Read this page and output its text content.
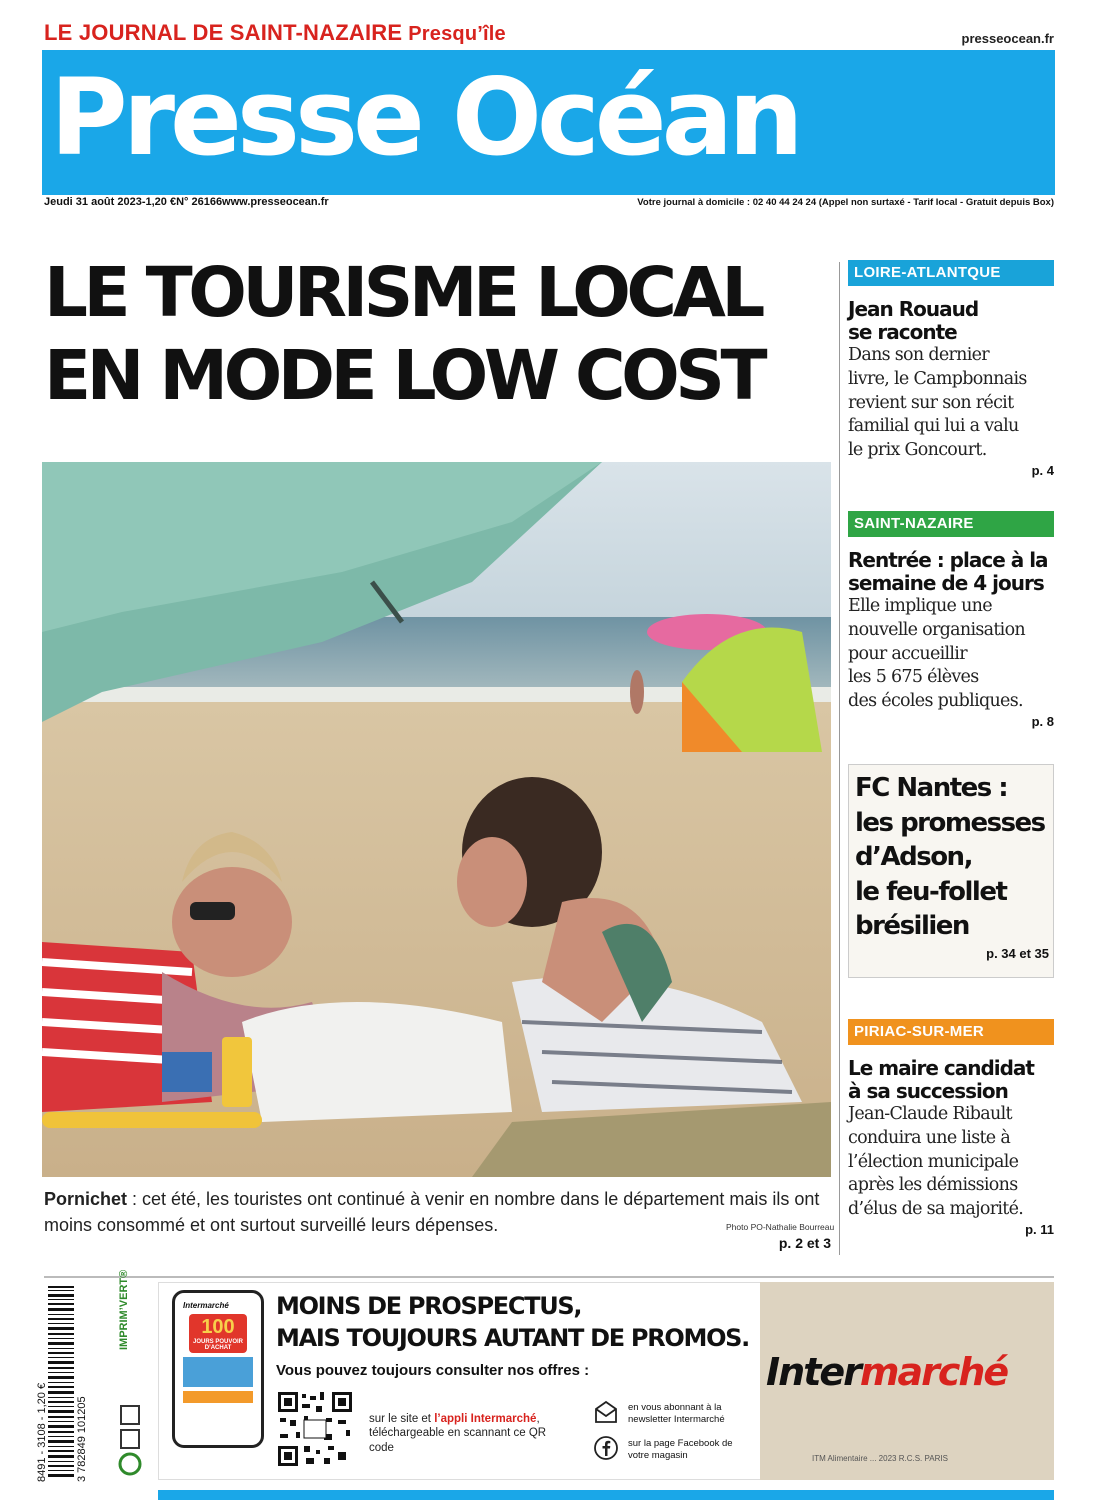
LE JOURNAL DE SAINT-NAZAIRE Presqu’île	presseocean.fr
Presse Océan
Jeudi 31 août 2023-1,20 €N° 26166www.presseocean.fr	Votre journal à domicile : 02 40 44 24 24 (Appel non surtaxé - Tarif local - Gratuit depuis Box)
LE TOURISME LOCAL
EN MODE LOW COST
Pornichet : cet été, les touristes ont continué à venir en nombre dans le département mais ils ont moins consommé et ont surtout surveillé leurs dépenses.	Photo PO-Nathalie Bourreau
p. 2 et 3
LOIRE-ATLANTQUE
Jean Rouaud
se raconte
Dans son dernier
livre, le Campbonnais
revient sur son récit
familial qui lui a valu
le prix Goncourt.
p. 4
SAINT-NAZAIRE
Rentrée : place à la
semaine de 4 jours
Elle implique une
nouvelle organisation
pour accueillir
les 5 675 élèves
des écoles publiques.
p. 8
FC Nantes :
les promesses
d’Adson,
le feu-follet
brésilien
p. 34 et 35
PIRIAC-SUR-MER
Le maire candidat
à sa succession
Jean-Claude Ribault
conduira une liste à
l’élection municipale
après les démissions
d’élus de sa majorité.
p. 11
3 782849 101205
8491 - 3108 - 1,20 €
IMPRIM’VERT®
Intermarché
ITM Alimentaire ... 2023 R.C.S. PARIS
Intermarché
100
JOURS POUVOIR D’ACHAT
MOINS DE PROSPECTUS,
MAIS TOUJOURS AUTANT DE PROMOS.
Vous pouvez toujours consulter nos offres :
sur le site et l’appli Intermarché, téléchargeable en scannant ce QR code
en vous abonnant à la newsletter Intermarché
sur la page Facebook de votre magasin
